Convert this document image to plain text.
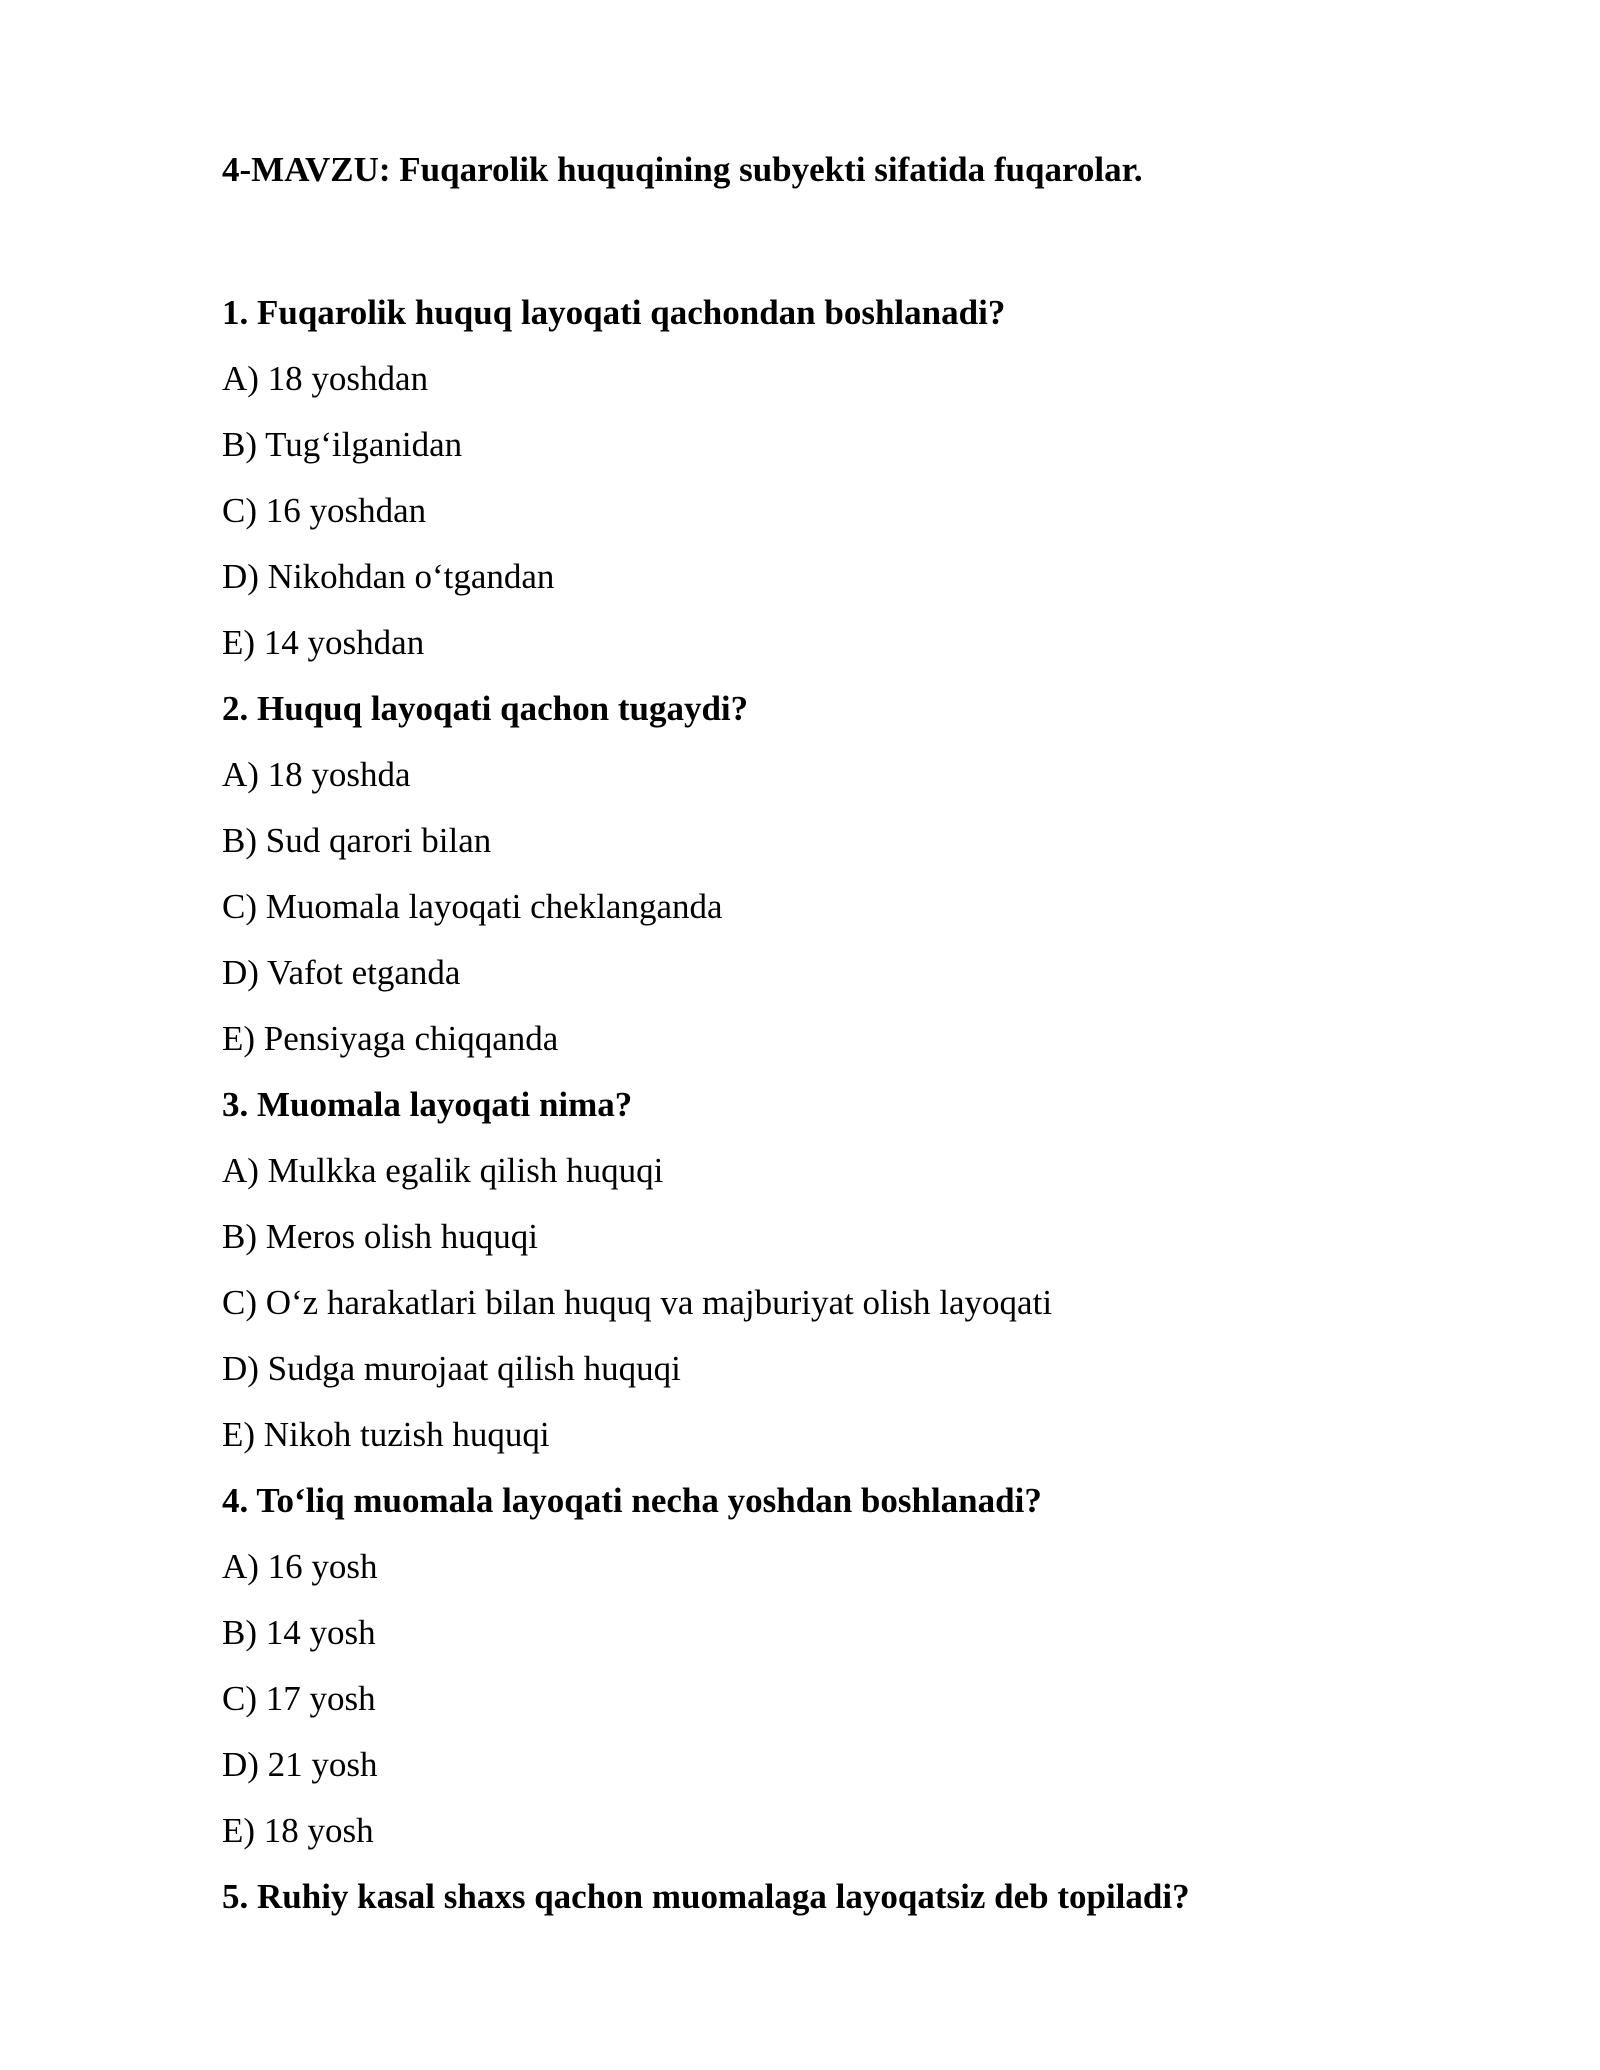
4-MAVZU: Fuqarolik huquqining subyekti sifatida fuqarolar.

1. Fuqarolik huquq layoqati qachondan boshlanadi?

A) 18 yoshdan

B) Tug‘ilganidan

C) 16 yoshdan

D) Nikohdan o‘tgandan

E) 14 yoshdan

2. Huquq layoqati qachon tugaydi?

A) 18 yoshda

B) Sud qarori bilan

C) Muomala layoqati cheklanganda

D) Vafot etganda

E) Pensiyaga chiqqanda

3. Muomala layoqati nima?

A) Mulkka egalik qilish huquqi

B) Meros olish huquqi

C) O‘z harakatlari bilan huquq va majburiyat olish layoqati

D) Sudga murojaat qilish huquqi

E) Nikoh tuzish huquqi

4. To‘liq muomala layoqati necha yoshdan boshlanadi?

A) 16 yosh

B) 14 yosh

C) 17 yosh

D) 21 yosh

E) 18 yosh

5. Ruhiy kasal shaxs qachon muomalaga layoqatsiz deb topiladi?
